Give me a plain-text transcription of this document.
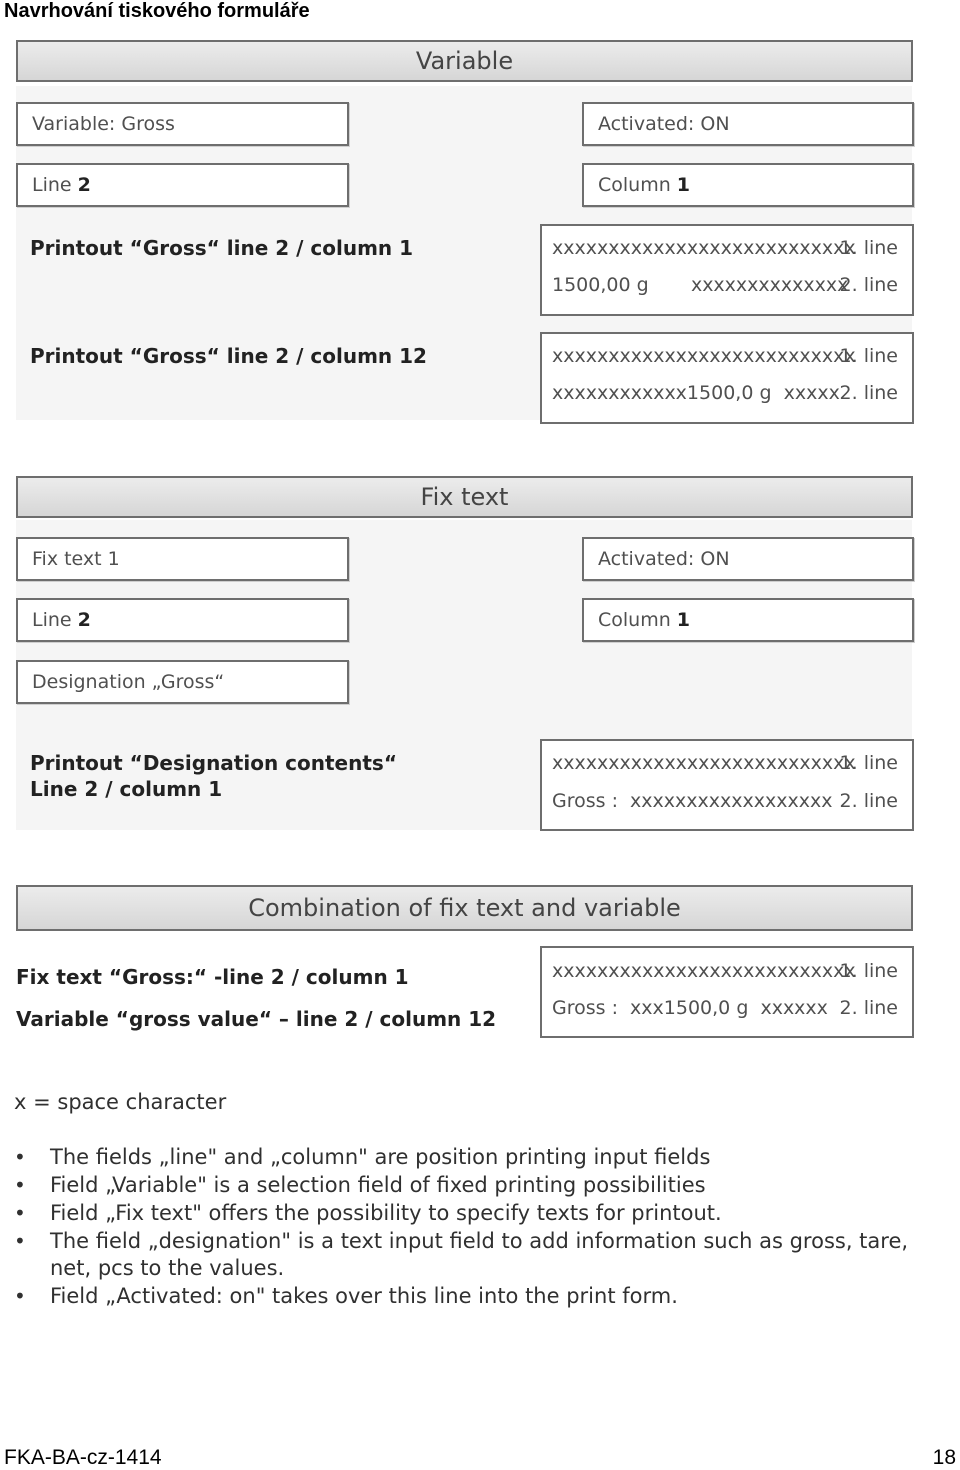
Navrhování tiskového formuláře
Variable
Variable: Gross	Activated: ON
Line 2	Column 1
Printout “Gross“ line 2 / column 1	xxxxxxxxxxxxxxxxxxxxxxxxxxx
1. line
1500,00 g       xxxxxxxxxxxxxx
2. line
Printout “Gross“ line 2 / column 12	xxxxxxxxxxxxxxxxxxxxxxxxxxx
1. line
xxxxxxxxxxxx1500,0 g  xxxxx 2. line
Fix text
Fix text 1	Activated: ON
Line 2	Column 1
Designation „Gross“
Printout “Designation contents“
Line 2 / column 1
xxxxxxxxxxxxxxxxxxxxxxxxxxx
1. line
Gross :  xxxxxxxxxxxxxxxxxx 2. line
Combination of fix text and variable
Fix text “Gross:“ -line 2 / column 1
Variable “gross value“ – line 2 / column 12
xxxxxxxxxxxxxxxxxxxxxxxxxxx
1. line
Gross :  xxx1500,0 g  xxxxxx 2. line
x = space character
• The fields „line" and „column" are position printing input fields
• Field „Variable" is a selection field of fixed printing possibilities
• Field „Fix text" offers the possibility to specify texts for printout.
• The field „designation" is a text input field to add information such as gross, tare, net, pcs to the values.
• Field „Activated: on" takes over this line into the print form.
FKA-BA-cz-1414	18
